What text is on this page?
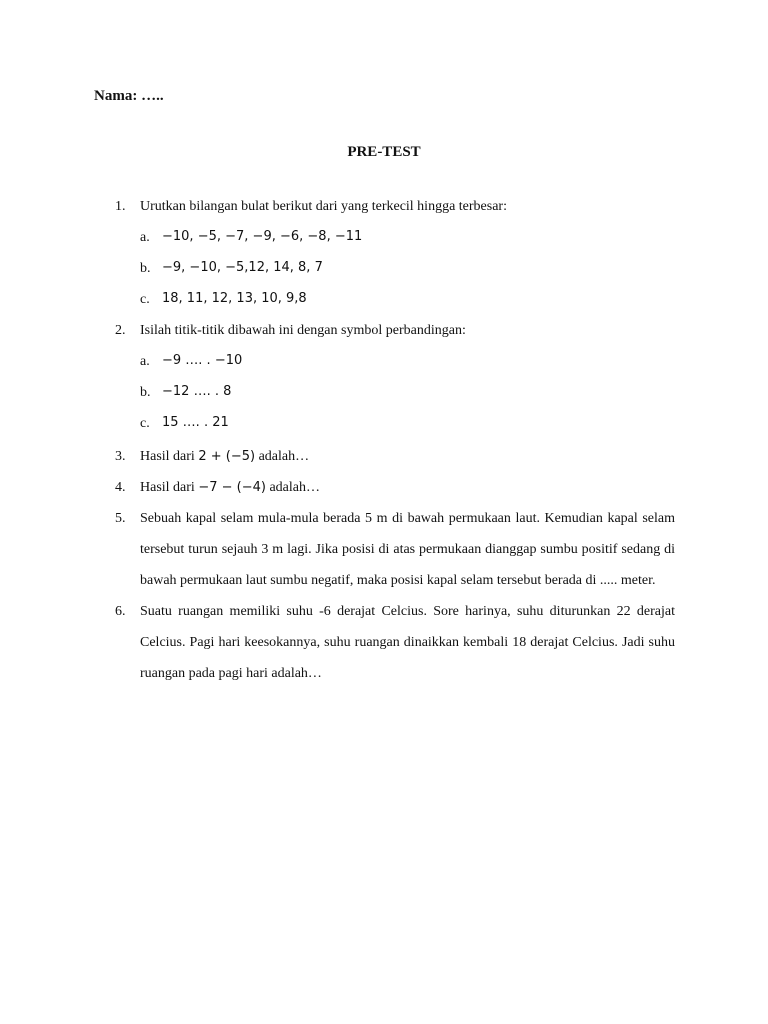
Nama: …..
PRE-TEST
1.	Urutkan bilangan bulat berikut dari yang terkecil hingga terbesar:
a. −10, −5, −7, −9, −6, −8, −11
b. −9, −10, −5,12, 14, 8, 7
c. 18, 11, 12, 13, 10, 9,8
2.	Isilah titik-titik dibawah ini dengan symbol perbandingan:
a. −9 …. . −10
b. −12 …. . 8
c. 15 …. . 21
3.	Hasil dari 2 + (−5) adalah…
4.	Hasil dari −7 − (−4) adalah…
5.	Sebuah kapal selam mula-mula berada 5 m di bawah permukaan laut. Kemudian kapal selam tersebut turun sejauh 3 m lagi. Jika posisi di atas permukaan dianggap sumbu positif sedang di bawah permukaan laut sumbu negatif, maka posisi kapal selam tersebut berada di ..... meter.
6.	Suatu ruangan memiliki suhu -6 derajat Celcius. Sore harinya, suhu diturunkan 22 derajat Celcius. Pagi hari keesokannya, suhu ruangan dinaikkan kembali 18 derajat Celcius. Jadi suhu ruangan pada pagi hari adalah…
